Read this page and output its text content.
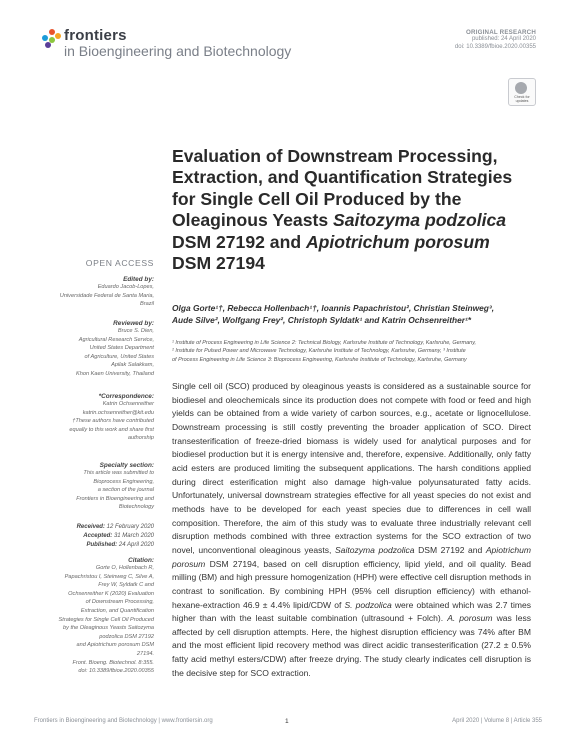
frontiers
in Bioengineering and Biotechnology
ORIGINAL RESEARCH
published: 24 April 2020
doi: 10.3389/fbioe.2020.00355
Check for updates
Evaluation of Downstream Processing, Extraction, and Quantification Strategies for Single Cell Oil Produced by the Oleaginous Yeasts Saitozyma podzolica DSM 27192 and Apiotrichum porosum DSM 27194
Olga Gorte¹†, Rebecca Hollenbach¹†, Ioannis Papachristou², Christian Steinweg³,
Aude Silve², Wolfgang Frey², Christoph Syldatk¹ and Katrin Ochsenreither¹*
¹ Institute of Process Engineering in Life Science 2: Technical Biology, Karlsruhe Institute of Technology, Karlsruhe, Germany,
² Institute for Pulsed Power and Microwave Technology, Karlsruhe Institute of Technology, Karlsruhe, Germany, ³ Institute
of Process Engineering in Life Science 3: Bioprocess Engineering, Karlsruhe Institute of Technology, Karlsruhe, Germany
Single cell oil (SCO) produced by oleaginous yeasts is considered as a sustainable source for biodiesel and oleochemicals since its production does not compete with food or feed and high yields can be obtained from a wide variety of carbon sources, e.g., acetate or lignocellulose. Downstream processing is still costly preventing the broader application of SCO. Direct transesterification of freeze-dried biomass is widely used for analytical purposes and for biodiesel production but it is energy intensive and, therefore, expensive. Additionally, only fatty acid esters are produced limiting the subsequent applications. The harsh conditions applied during direct esterification might also damage high-value polyunsaturated fatty acids. Unfortunately, universal downstream strategies effective for all yeast species do not exist and methods have to be developed for each yeast species due to differences in cell wall composition. Therefore, the aim of this study was to evaluate three industrially relevant cell disruption methods combined with three extraction systems for the SCO extraction of two novel, unconventional oleaginous yeasts, Saitozyma podzolica DSM 27192 and Apiotrichum porosum DSM 27194, based on cell disruption efficiency, lipid yield, and oil quality. Bead milling (BM) and high pressure homogenization (HPH) were effective cell disruption methods in contrast to sonification. By combining HPH (95% cell disruption efficiency) with ethanol-hexane-extraction 46.9 ± 4.4% lipid/CDW of S. podzolica were obtained which was 2.7 times higher than with the least suitable combination (ultrasound + Folch). A. porosum was less affected by cell disruption attempts. Here, the highest disruption efficiency was 74% after BM and the most efficient lipid recovery method was direct acidic transesterification (27.2 ± 0.5% fatty acid methyl esters/CDW) after freeze drying. The study clearly indicates cell disruption is the decisive step for SCO extraction.
OPEN ACCESS
Edited by:
Eduardo Jacob-Lopes,
Universidade Federal de Santa Maria,
Brazil
Reviewed by:
Bruce S. Dien,
Agricultural Research Service,
United States Department
of Agriculture, United States
Apilak Salakkam,
Khon Kaen University, Thailand
*Correspondence:
Katrin Ochsenreither
katrin.ochsenreither@kit.edu
†These authors have contributed
equally to this work and share first
authorship
Specialty section:
This article was submitted to
Bioprocess Engineering,
a section of the journal
Frontiers in Bioengineering and
Biotechnology
Received: 12 February 2020
Accepted: 31 March 2020
Published: 24 April 2020
Citation:
Gorte O, Hollenbach R,
Papachristou I, Steinweg C, Silve A,
Frey W, Syldatk C and
Ochsenreither K (2020) Evaluation
of Downstream Processing,
Extraction, and Quantification
Strategies for Single Cell Oil Produced
by the Oleaginous Yeasts Saitozyma
podzolica DSM 27192
and Apiotrichum porosum DSM
27194.
Front. Bioeng. Biotechnol. 8:355.
doi: 10.3389/fbioe.2020.00355
Frontiers in Bioengineering and Biotechnology | www.frontiersin.org	1	April 2020 | Volume 8 | Article 355
